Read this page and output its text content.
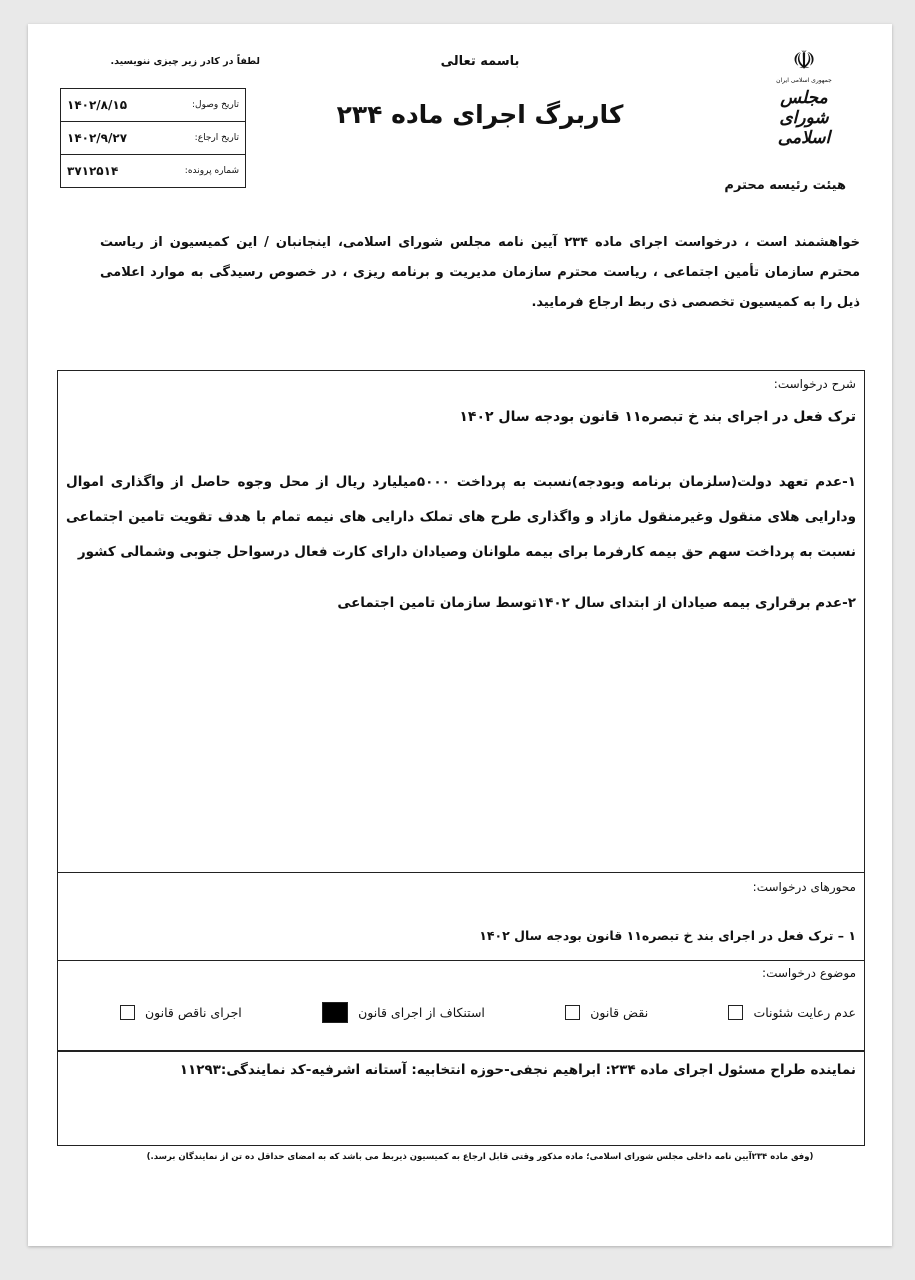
باسمه تعالی
لطفاً در کادر زیر چیزی ننویسید.
تاریخ وصول:
۱۴۰۲/۸/۱۵
تاریخ ارجاع:
۱۴۰۲/۹/۲۷
شماره پرونده:
۳۷۱۲۵۱۴
کاربرگ اجرای ماده ۲۳۴
☫
جمهوری اسلامی ایران
مجلس شورای اسلامی
هیئت رئیسه محترم
خواهشمند است ، درخواست اجرای ماده ۲۳۴ آیین نامه مجلس شورای اسلامی، اینجانبان / این کمیسیون از ریاست محترم سازمان تأمین اجتماعی ، ریاست محترم سازمان مدیریت و برنامه ریزی ، در خصوص رسیدگی به موارد اعلامی ذیل را به کمیسیون تخصصی ذی ربط ارجاع فرمایید.
شرح درخواست:
ترک فعل در اجرای بند خ تبصره۱۱ قانون بودجه سال ۱۴۰۲
۱-عدم تعهد دولت(سلزمان برنامه وبودجه)نسبت به پرداخت ۵۰۰۰میلیارد ریال از محل وجوه حاصل از واگذاری اموال ودارایی هلای منقول وغیرمنقول مازاد و واگذاری طرح های تملک دارایی های نیمه تمام با هدف تقویت تامین اجتماعی نسبت به پرداخت سهم حق بیمه کارفرما برای بیمه ملوانان وصیادان دارای کارت فعال درسواحل جنوبی وشمالی کشور
۲-عدم برقراری بیمه صیادان از ابتدای سال ۱۴۰۲توسط سازمان تامین اجتماعی
محورهای درخواست:
۱ – ترک فعل در اجرای بند خ تبصره۱۱ قانون بودجه سال ۱۴۰۲
موضوع درخواست:
عدم رعایت شئونات
نقض قانون
استنکاف از اجرای قانون
اجرای ناقص قانون
نماینده طراح مسئول اجرای ماده ۲۳۴: ابراهیم نجفی-حوزه انتخابیه: آستانه اشرفیه-کد نمایندگی:۱۱۲۹۳
(وفق ماده ۲۳۴آیین نامه داخلی مجلس شورای اسلامی؛ ماده مذکور وقتی قابل ارجاع به کمیسیون ذیربط می باشد که به امضای حداقل ده تن از نمایندگان برسد.)
